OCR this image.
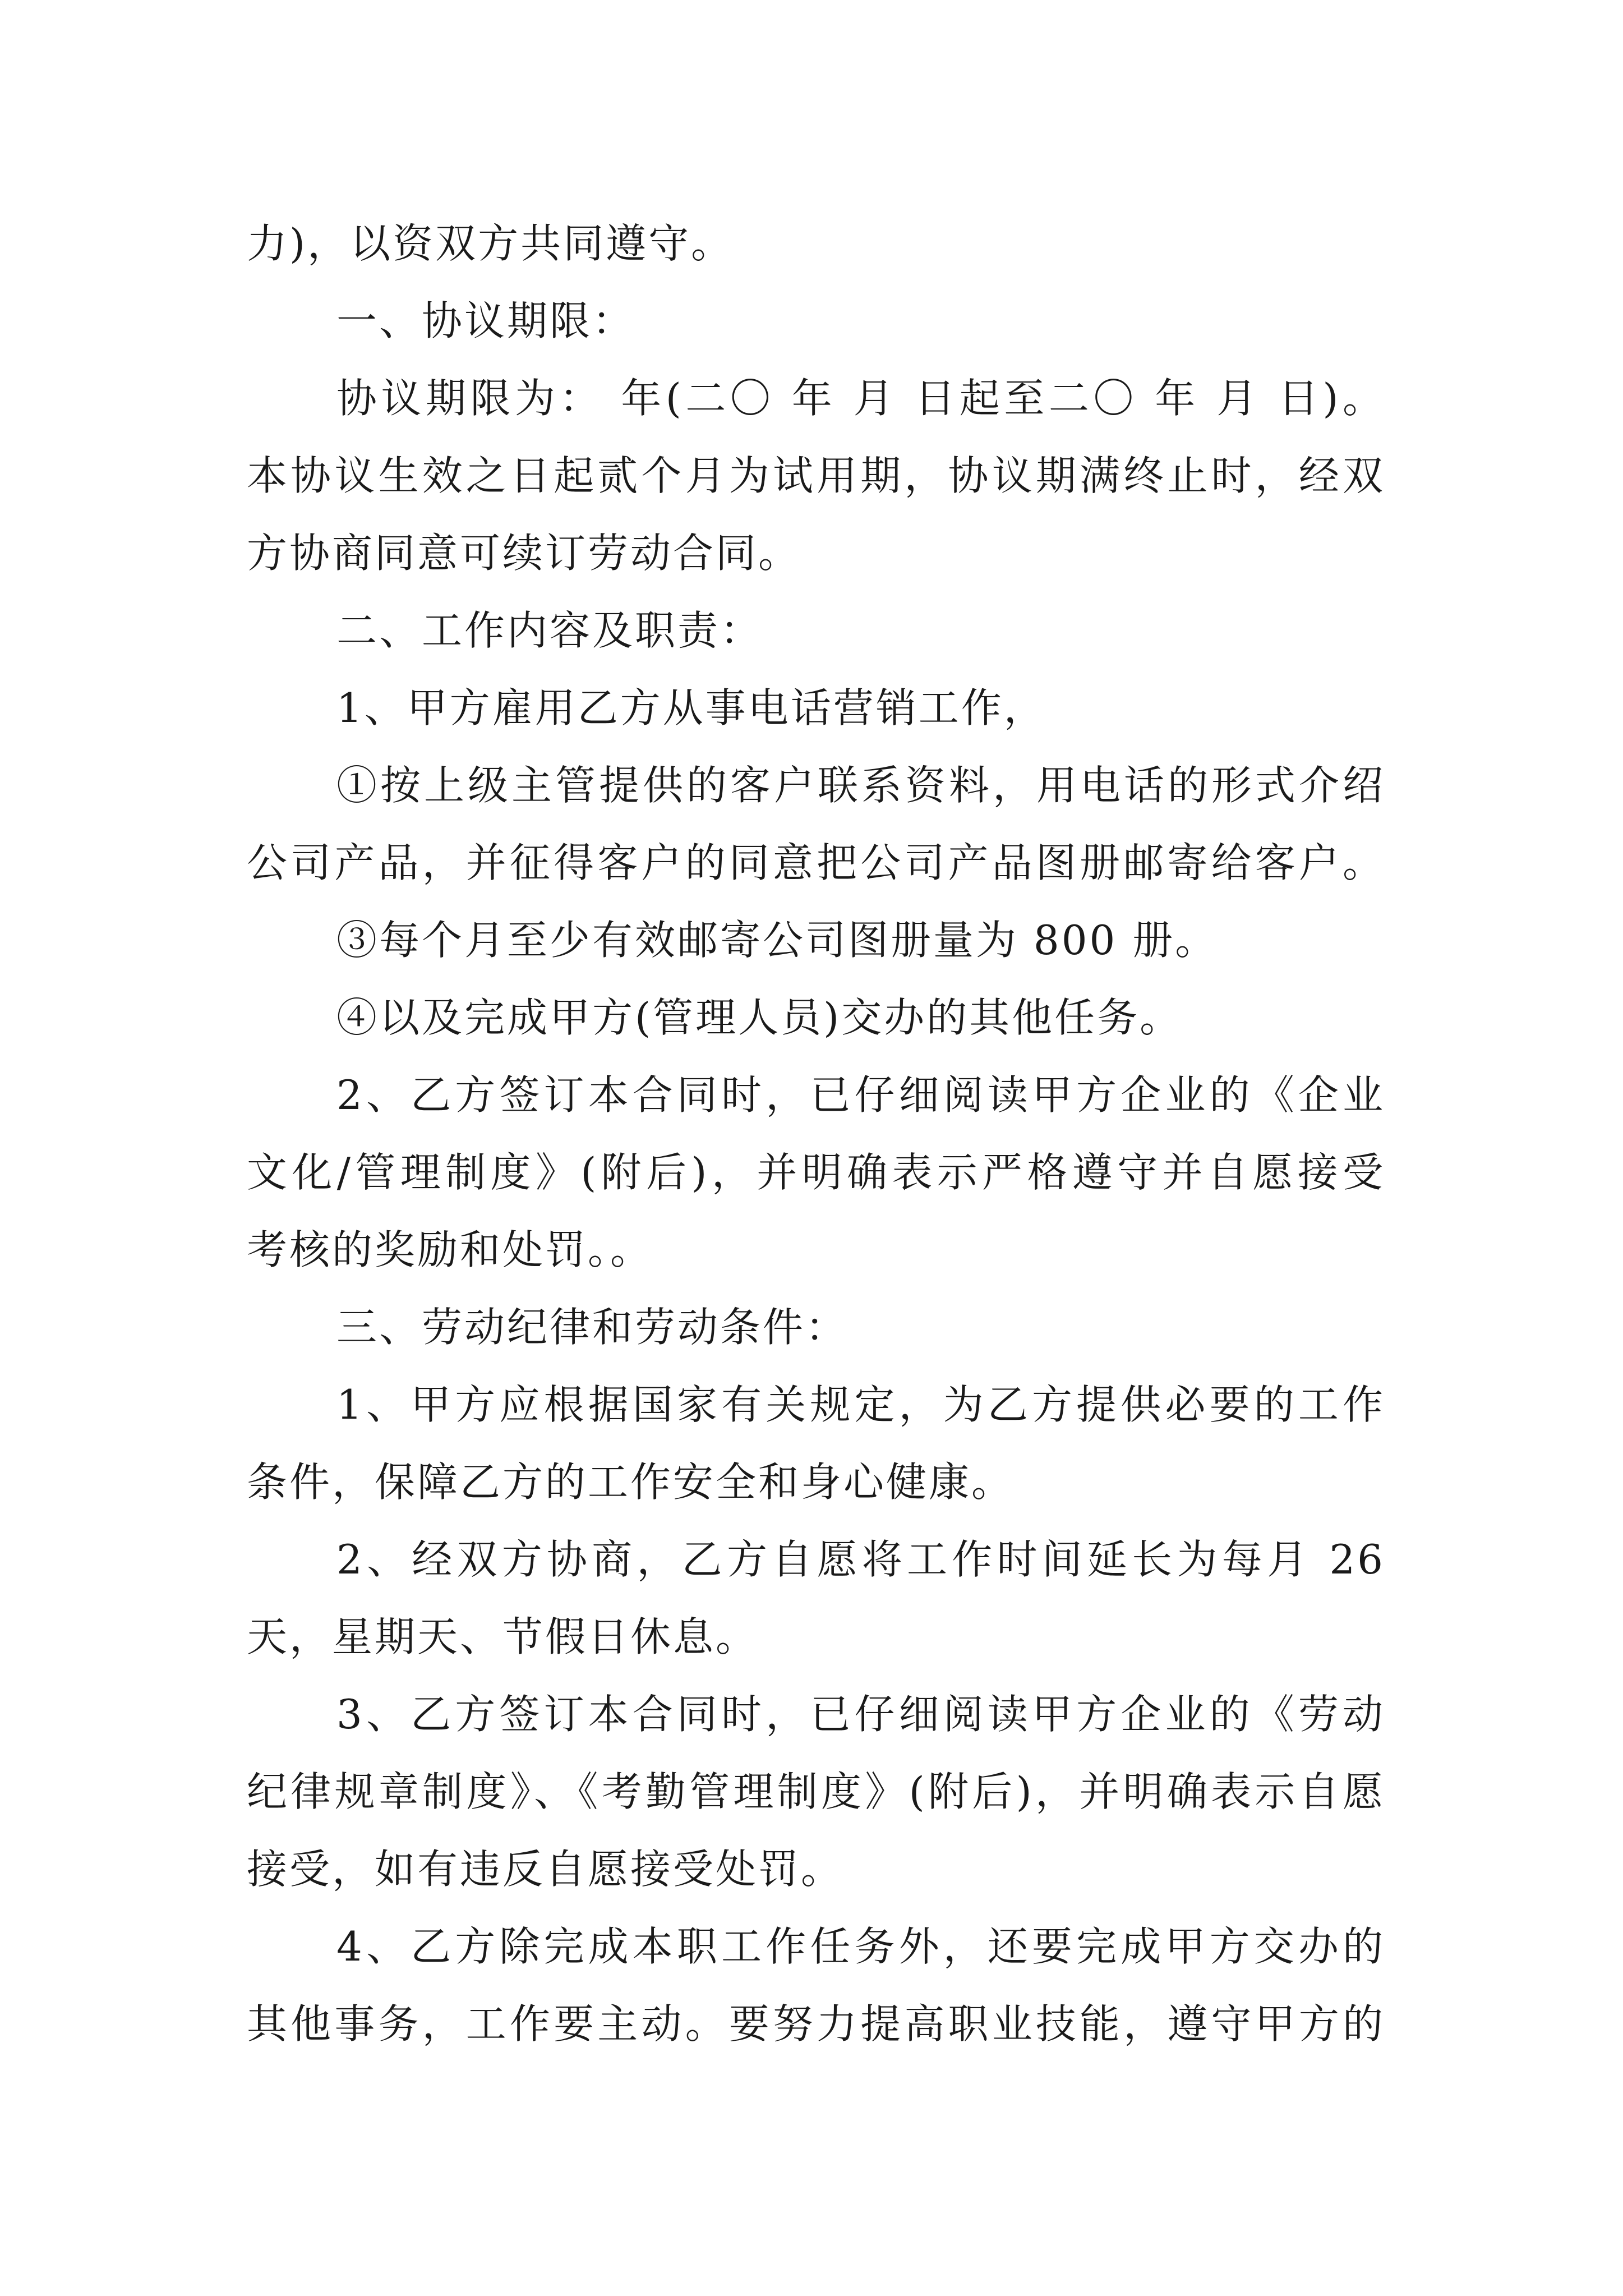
力)，以资双方共同遵守。
一、协议期限：
协议期限为： 年(二〇 年 月 日起至二〇 年 月 日)。
本协议生效之日起贰个月为试用期，协议期满终止时，经双
方协商同意可续订劳动合同。
二、工作内容及职责：
1、甲方雇用乙方从事电话营销工作，
①按上级主管提供的客户联系资料，用电话的形式介绍
公司产品，并征得客户的同意把公司产品图册邮寄给客户。
③每个月至少有效邮寄公司图册量为 800 册。
④以及完成甲方(管理人员)交办的其他任务。
2、乙方签订本合同时，已仔细阅读甲方企业的《企业
文化/管理制度》(附后)，并明确表示严格遵守并自愿接受
考核的奖励和处罚。。
三、劳动纪律和劳动条件：
1、甲方应根据国家有关规定，为乙方提供必要的工作
条件，保障乙方的工作安全和身心健康。
2、经双方协商，乙方自愿将工作时间延长为每月 26
天，星期天、节假日休息。
3、乙方签订本合同时，已仔细阅读甲方企业的《劳动
纪律规章制度》、《考勤管理制度》(附后)，并明确表示自愿
接受，如有违反自愿接受处罚。
4、乙方除完成本职工作任务外，还要完成甲方交办的
其他事务，工作要主动。要努力提高职业技能，遵守甲方的
